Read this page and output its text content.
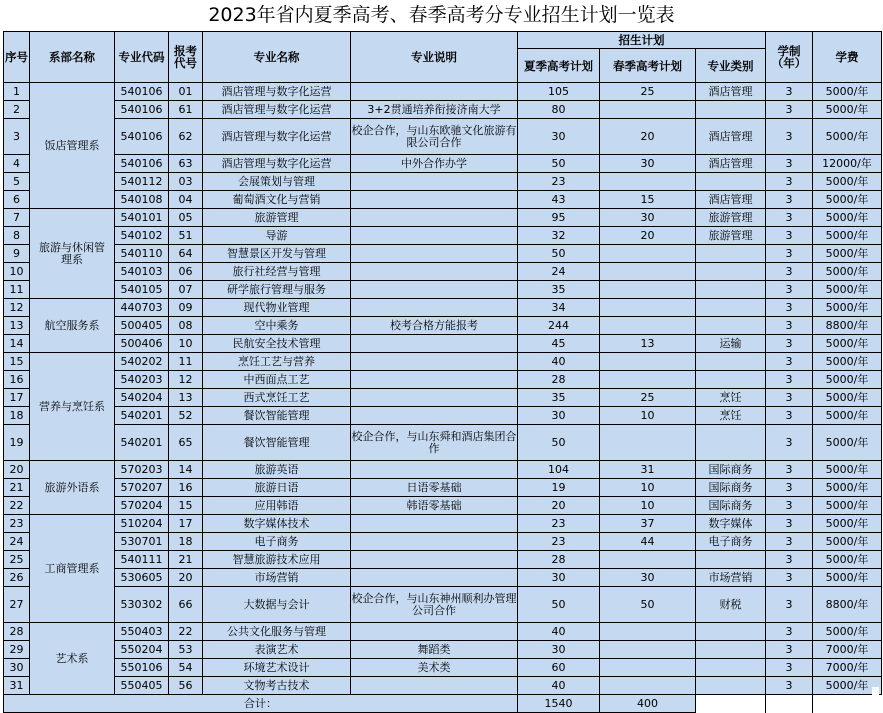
2023年省内夏季高考、春季高考分专业招生计划一览表
序号	系部名称	专业代码	报考代号	专业名称	专业说明	招生计划			学制（年）	学费
						夏季高考计划	春季高考计划	专业类别		
1	饭店管理系	540106	01	酒店管理与数字化运营		105	25	酒店管理	3	5000/年
2		540106	61	酒店管理与数字化运营	3+2贯通培养衔接济南大学	80			3	5000/年
3		540106	62	酒店管理与数字化运营	校企合作，与山东欧驰文化旅游有限公司合作	30	20	酒店管理	3	5000/年
4		540106	63	酒店管理与数字化运营	中外合作办学	50	30	酒店管理	3	12000/年
5		540112	03	会展策划与管理		23			3	5000/年
6		540108	04	葡萄酒文化与营销		43	15	酒店管理	3	5000/年
7	旅游与休闲管理系	540101	05	旅游管理		95	30	旅游管理	3	5000/年
8		540102	51	导游		32	20	旅游管理	3	5000/年
9		540110	64	智慧景区开发与管理		50			3	5000/年
10		540103	06	旅行社经营与管理		24			3	5000/年
11		540105	07	研学旅行管理与服务		35			3	5000/年
12	航空服务系	440703	09	现代物业管理		34			3	5000/年
13		500405	08	空中乘务	校考合格方能报考	244			3	8800/年
14		500406	10	民航安全技术管理		45	13	运输	3	5000/年
15	营养与烹饪系	540202	11	烹饪工艺与营养		40			3	5000/年
16		540203	12	中西面点工艺		28			3	5000/年
17		540204	13	西式烹饪工艺		35	25	烹饪	3	5000/年
18		540201	52	餐饮智能管理		30	10	烹饪	3	5000/年
19		540201	65	餐饮智能管理	校企合作，与山东舜和酒店集团合作	50			3	5000/年
20	旅游外语系	570203	14	旅游英语		104	31	国际商务	3	5000/年
21		570207	16	旅游日语	日语零基础	19	10	国际商务	3	5000/年
22		570204	15	应用韩语	韩语零基础	20	10	国际商务	3	5000/年
23	工商管理系	510204	17	数字媒体技术		23	37	数字媒体	3	5000/年
24		530701	18	电子商务		23	44	电子商务	3	5000/年
25		540111	21	智慧旅游技术应用		28			3	5000/年
26		530605	20	市场营销		30	30	市场营销	3	5000/年
27		530302	66	大数据与会计	校企合作，与山东神州顺利办管理公司合作	50	50	财税	3	8800/年
28	艺术系	550403	22	公共文化服务与管理		40			3	5000/年
29		550204	53	表演艺术	舞蹈类	30			3	7000/年
30		550106	54	环境艺术设计	美术类	60			3	7000/年
31		550405	56	文物考古技术		40			3	5000/年
合计：						1540	400			
